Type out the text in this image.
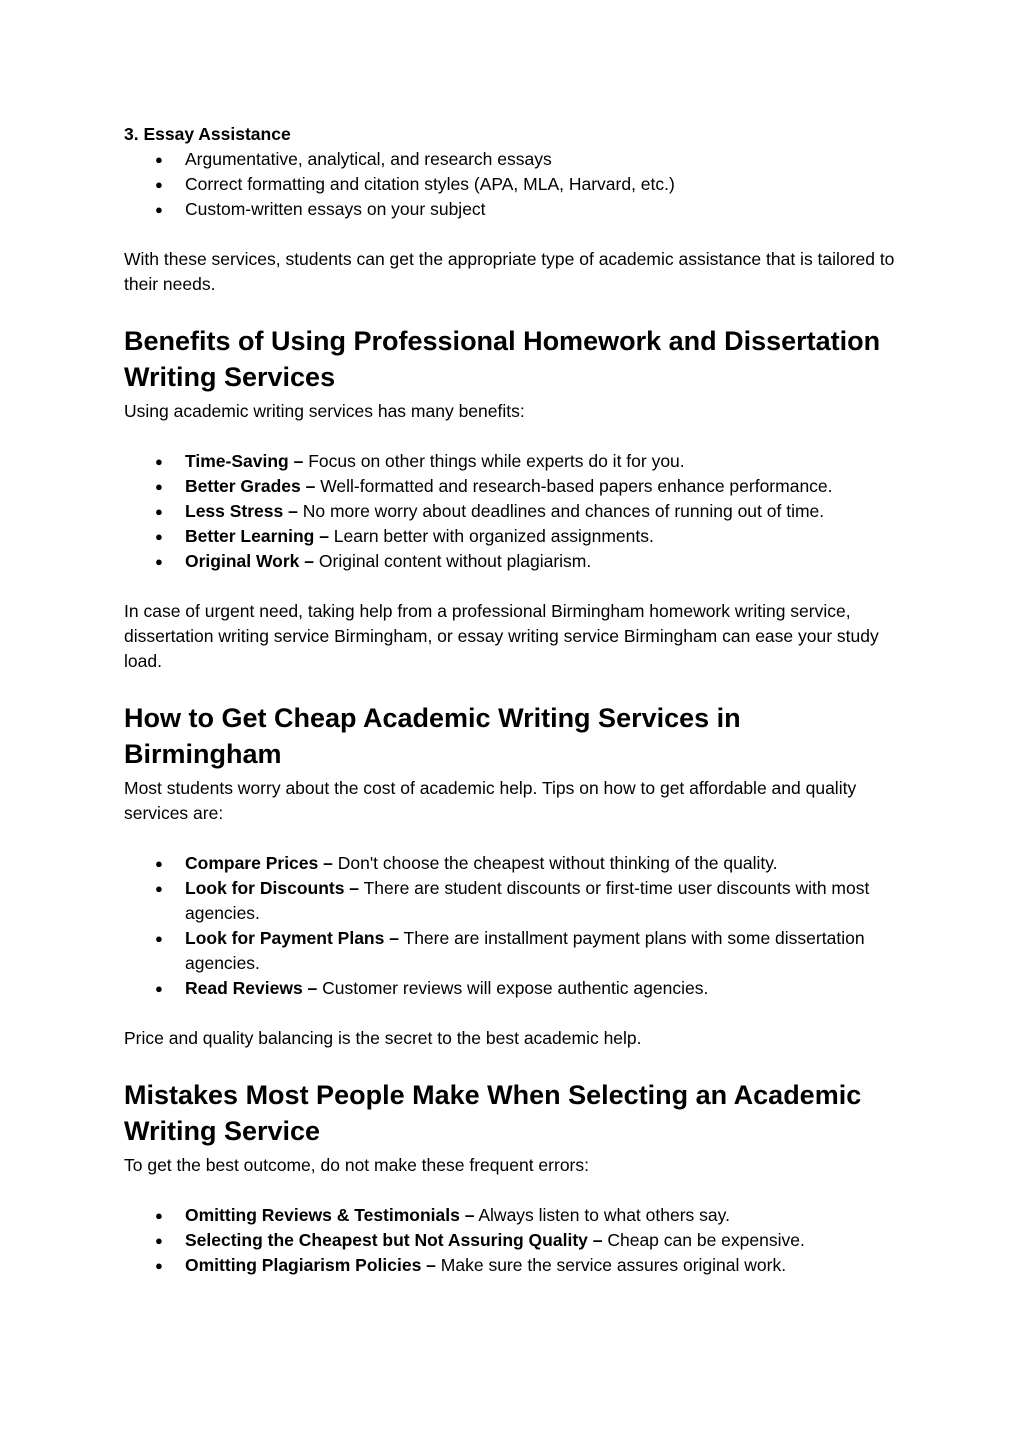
3. Essay Assistance

● Argumentative, analytical, and research essays
● Correct formatting and citation styles (APA, MLA, Harvard, etc.)
● Custom-written essays on your subject

With these services, students can get the appropriate type of academic assistance that is tailored to their needs.

Benefits of Using Professional Homework and Dissertation Writing Services

Using academic writing services has many benefits:

● Time-Saving – Focus on other things while experts do it for you.
● Better Grades – Well-formatted and research-based papers enhance performance.
● Less Stress – No more worry about deadlines and chances of running out of time.
● Better Learning – Learn better with organized assignments.
● Original Work – Original content without plagiarism.

In case of urgent need, taking help from a professional Birmingham homework writing service, dissertation writing service Birmingham, or essay writing service Birmingham can ease your study load.

How to Get Cheap Academic Writing Services in Birmingham

Most students worry about the cost of academic help. Tips on how to get affordable and quality services are:

● Compare Prices – Don't choose the cheapest without thinking of the quality.
● Look for Discounts – There are student discounts or first-time user discounts with most agencies.
● Look for Payment Plans – There are installment payment plans with some dissertation agencies.
● Read Reviews – Customer reviews will expose authentic agencies.

Price and quality balancing is the secret to the best academic help.

Mistakes Most People Make When Selecting an Academic Writing Service

To get the best outcome, do not make these frequent errors:

● Omitting Reviews & Testimonials – Always listen to what others say.
● Selecting the Cheapest but Not Assuring Quality – Cheap can be expensive.
● Omitting Plagiarism Policies – Make sure the service assures original work.
